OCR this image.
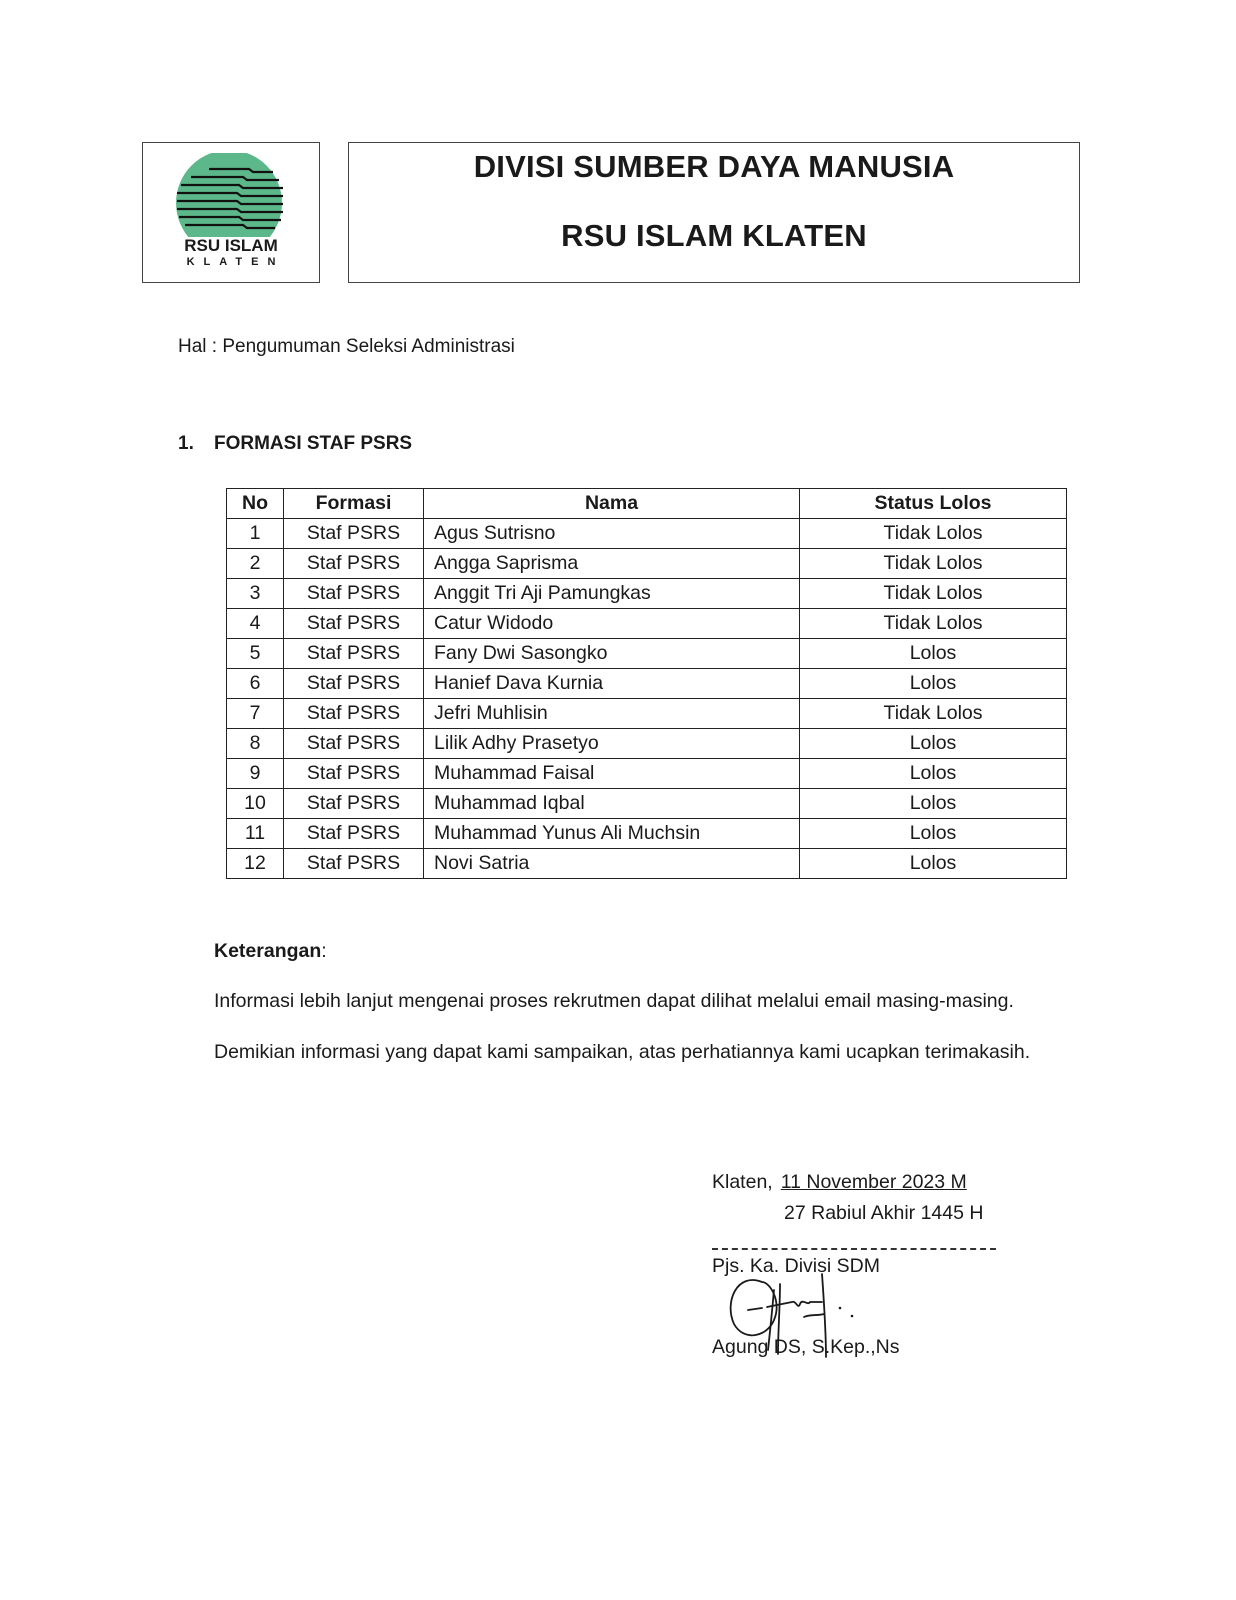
RSU ISLAM
KLATEN
DIVISI SUMBER DAYA MANUSIA
RSU ISLAM KLATEN
Hal : Pengumuman Seleksi Administrasi
1. FORMASI STAF PSRS
No	Formasi	Nama	Status Lolos
1	Staf PSRS	Agus Sutrisno	Tidak Lolos
2	Staf PSRS	Angga Saprisma	Tidak Lolos
3	Staf PSRS	Anggit Tri Aji Pamungkas	Tidak Lolos
4	Staf PSRS	Catur Widodo	Tidak Lolos
5	Staf PSRS	Fany Dwi Sasongko	Lolos
6	Staf PSRS	Hanief Dava Kurnia	Lolos
7	Staf PSRS	Jefri Muhlisin	Tidak Lolos
8	Staf PSRS	Lilik Adhy Prasetyo	Lolos
9	Staf PSRS	Muhammad Faisal	Lolos
10	Staf PSRS	Muhammad Iqbal	Lolos
11	Staf PSRS	Muhammad Yunus Ali Muchsin	Lolos
12	Staf PSRS	Novi Satria	Lolos
Keterangan:
Informasi lebih lanjut mengenai proses rekrutmen dapat dilihat melalui email masing-masing.
Demikian informasi yang dapat kami sampaikan, atas perhatiannya kami ucapkan terimakasih.
Klaten, 11 November 2023 M
27 Rabiul Akhir 1445 H
Pjs. Ka. Divisi SDM
Agung DS, S.Kep.,Ns
